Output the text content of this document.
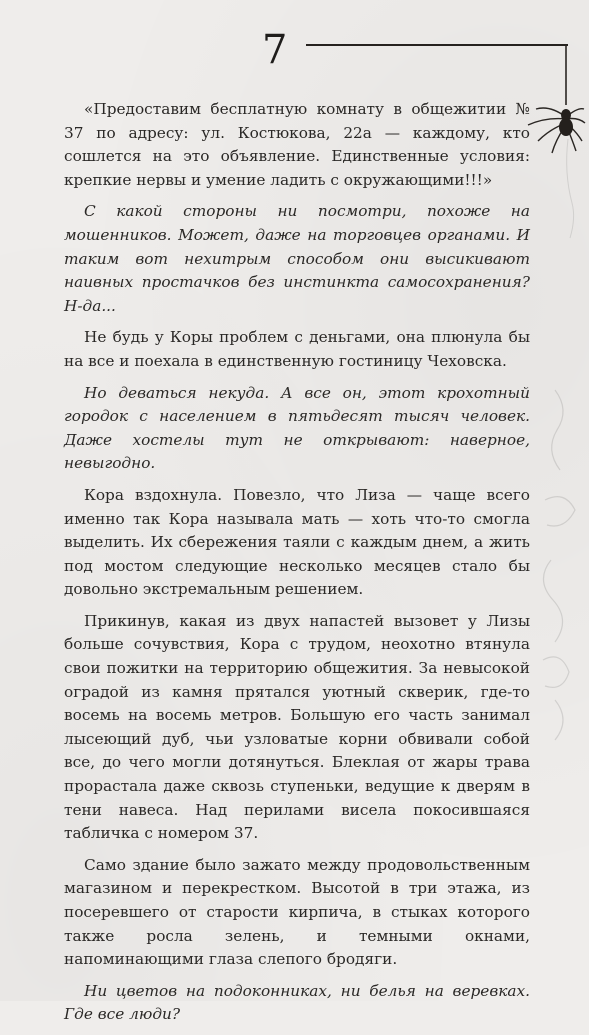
7

«Предоставим бесплатную комнату в общежитии № 37 по адресу: ул. Костюкова, 22а — каждому, кто сошлется на это объявление. Единственные условия: крепкие нервы и умение ладить с окружающими!!!»

С какой стороны ни посмотри, похоже на мошенников. Может, даже на торговцев органами. И таким вот нехитрым способом они высикивают наивных простачков без инстинкта самосохранения? Н-да...

Не будь у Коры проблем с деньгами, она плюнула бы на все и поехала в единственную гостиницу Чеховска.

Но деваться некуда. А все он, этот крохотный городок с населением в пятьдесят тысяч человек. Даже хостелы тут не открывают: наверное, невыгодно.

Кора вздохнула. Повезло, что Лиза — чаще всего именно так Кора называла мать — хоть что-то смогла выделить. Их сбережения таяли с каждым днем, а жить под мостом следующие несколько месяцев стало бы довольно экстремальным решением.

Прикинув, какая из двух напастей вызовет у Лизы больше сочувствия, Кора с трудом, неохотно втянула свои пожитки на территорию общежития. За невысокой оградой из камня прятался уютный скверик, где-то восемь на восемь метров. Большую его часть занимал лысеющий дуб, чьи узловатые корни обвивали собой все, до чего могли дотянуться. Блеклая от жары трава прорастала даже сквозь ступеньки, ведущие к дверям в тени навеса. Над перилами висела покосившаяся табличка с номером 37.

Само здание было зажато между продовольственным магазином и перекрестком. Высотой в три этажа, из посеревшего от старости кирпича, в стыках которого также росла зелень, и темными окнами, напоминающими глаза слепого бродяги.

Ни цветов на подоконниках, ни белья на веревках. Где все люди?
